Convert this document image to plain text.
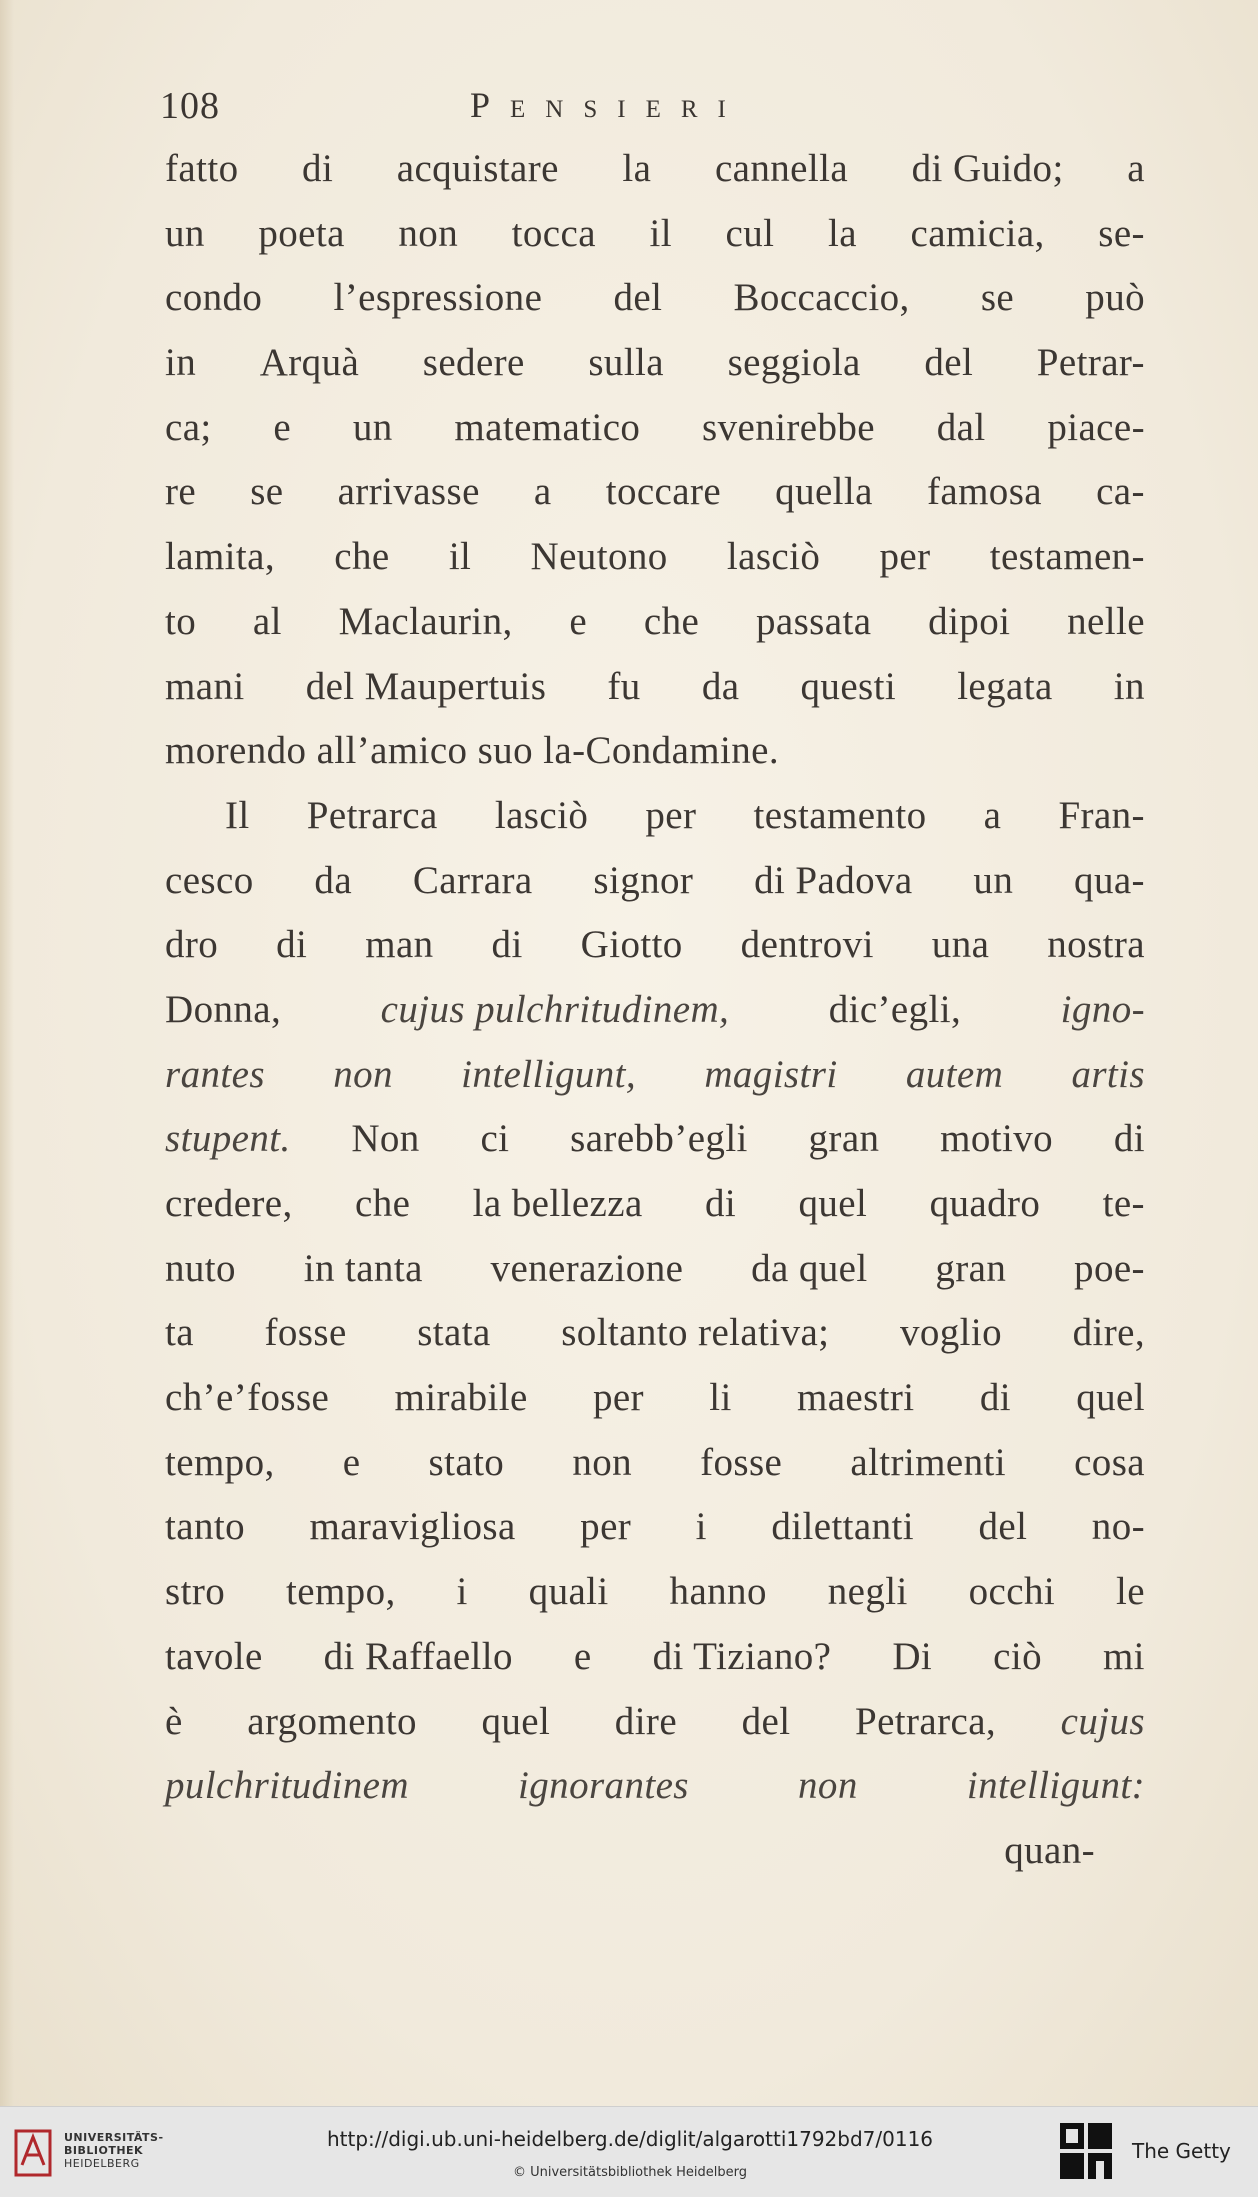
108	Pensieri
fatto di acquistare la cannella di Guido; a
un poeta non tocca il cul la camicia, se-
condo l’espressione del Boccaccio, se può
in Arquà sedere sulla seggiola del Petrar-
ca; e un matematico svenirebbe dal piace-
re se arrivasse a toccare quella famosa ca-
lamita, che il Neutono lasciò per testamen-
to al Maclaurin, e che passata dipoi nelle
mani del Maupertuis fu da questi legata in
morendo all’amico suo la-Condamine.
Il Petrarca lasciò per testamento a Fran-
cesco da Carrara signor di Padova un qua-
dro di man di Giotto dentrovi una nostra
Donna,	cujus pulchritudinem,	dic’egli,	igno-
rantes non intelligunt, magistri autem artis
stupent. Non ci sarebb’egli gran motivo di
credere, che la bellezza di quel quadro te-
nuto in tanta venerazione da quel gran poe-
ta fosse stata soltanto relativa; voglio dire,
ch’e’fosse mirabile per li maestri di quel
tempo, e stato non fosse altrimenti cosa
tanto maravigliosa per i dilettanti del no-
stro tempo, i quali hanno negli occhi le
tavole di Raffaello e di Tiziano? Di ciò mi
è argomento quel dire del Petrarca, cujus
pulchritudinem	ignorantes	non	intelligunt:
quan-
UNIVERSITÄTS-
BIBLIOTHEK
HEIDELBERG
http://digi.ub.uni-heidelberg.de/diglit/algarotti1792bd7/0116
© Universitätsbibliothek Heidelberg
The Getty
